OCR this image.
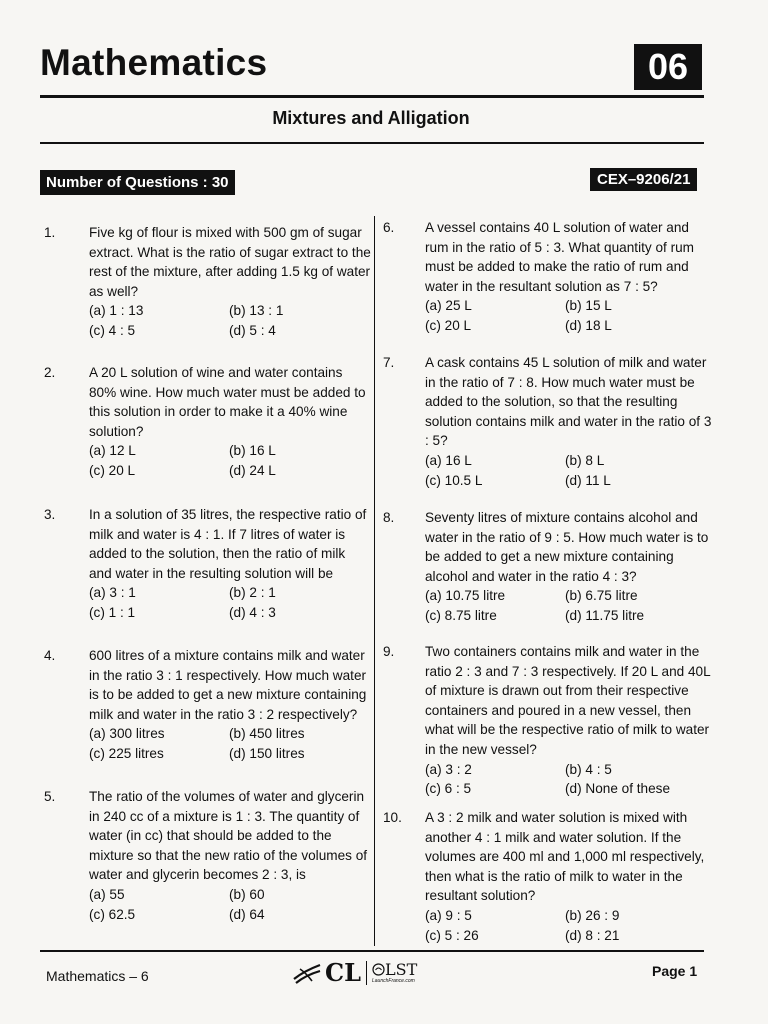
Mathematics	06
Mixtures and Alligation
Number of Questions : 30	CEX–9206/21
1. Five kg of flour is mixed with 500 gm of sugar extract. What is the ratio of sugar extract to the rest of the mixture, after adding 1.5 kg of water as well?

(a) 1 : 13	(b) 13 : 1
(c) 4 : 5	(d) 5 : 4
2. A 20 L solution of wine and water contains 80% wine. How much water must be added to this solution in order to make it a 40% wine solution?

(a) 12 L	(b) 16 L
(c) 20 L	(d) 24 L
3. In a solution of 35 litres, the respective ratio of milk and water is 4 : 1. If 7 litres of water is added to the solution, then the ratio of milk and water in the resulting solution will be

(a) 3 : 1	(b) 2 : 1
(c) 1 : 1	(d) 4 : 3
4. 600 litres of a mixture contains milk and water in the ratio 3 : 1 respectively. How much water is to be added to get a new mixture containing milk and water in the ratio 3 : 2 respectively?

(a) 300 litres	(b) 450 litres
(c) 225 litres	(d) 150 litres
5. The ratio of the volumes of water and glycerin in 240 cc of a mixture is 1 : 3. The quantity of water (in cc) that should be added to the mixture so that the new ratio of the volumes of water and glycerin becomes 2 : 3, is

(a) 55	(b) 60
(c) 62.5	(d) 64
6. A vessel contains 40 L solution of water and rum in the ratio of 5 : 3. What quantity of rum must be added to make the ratio of rum and water in the resultant solution as 7 : 5?

(a) 25 L	(b) 15 L
(c) 20 L	(d) 18 L
7. A cask contains 45 L solution of milk and water in the ratio of 7 : 8. How much water must be added to the solution, so that the resulting solution contains milk and water in the ratio of 3 : 5?

(a) 16 L	(b) 8 L
(c) 10.5 L	(d) 11 L
8. Seventy litres of mixture contains alcohol and water in the ratio of 9 : 5. How much water is to be added to get a new mixture containing alcohol and water in the ratio 4 : 3?

(a) 10.75 litre	(b) 6.75 litre
(c) 8.75 litre	(d) 11.75 litre
9. Two containers contains milk and water in the ratio 2 : 3 and 7 : 3 respectively. If 20 L and 40L of mixture is drawn out from their respective containers and poured in a new vessel, then what will be the respective ratio of milk to water in the new vessel?

(a) 3 : 2	(b) 4 : 5
(c) 6 : 5	(d) None of these
10. A 3 : 2 milk and water solution is mixed with another 4 : 1 milk and water solution. If the volumes are 400 ml and 1,000 ml respectively, then what is the ratio of milk to water in the resultant solution?

(a) 9 : 5	(b) 26 : 9
(c) 5 : 26	(d) 8 : 21
Mathematics – 6	CL LST
LaunchFrance.com
Page 1
